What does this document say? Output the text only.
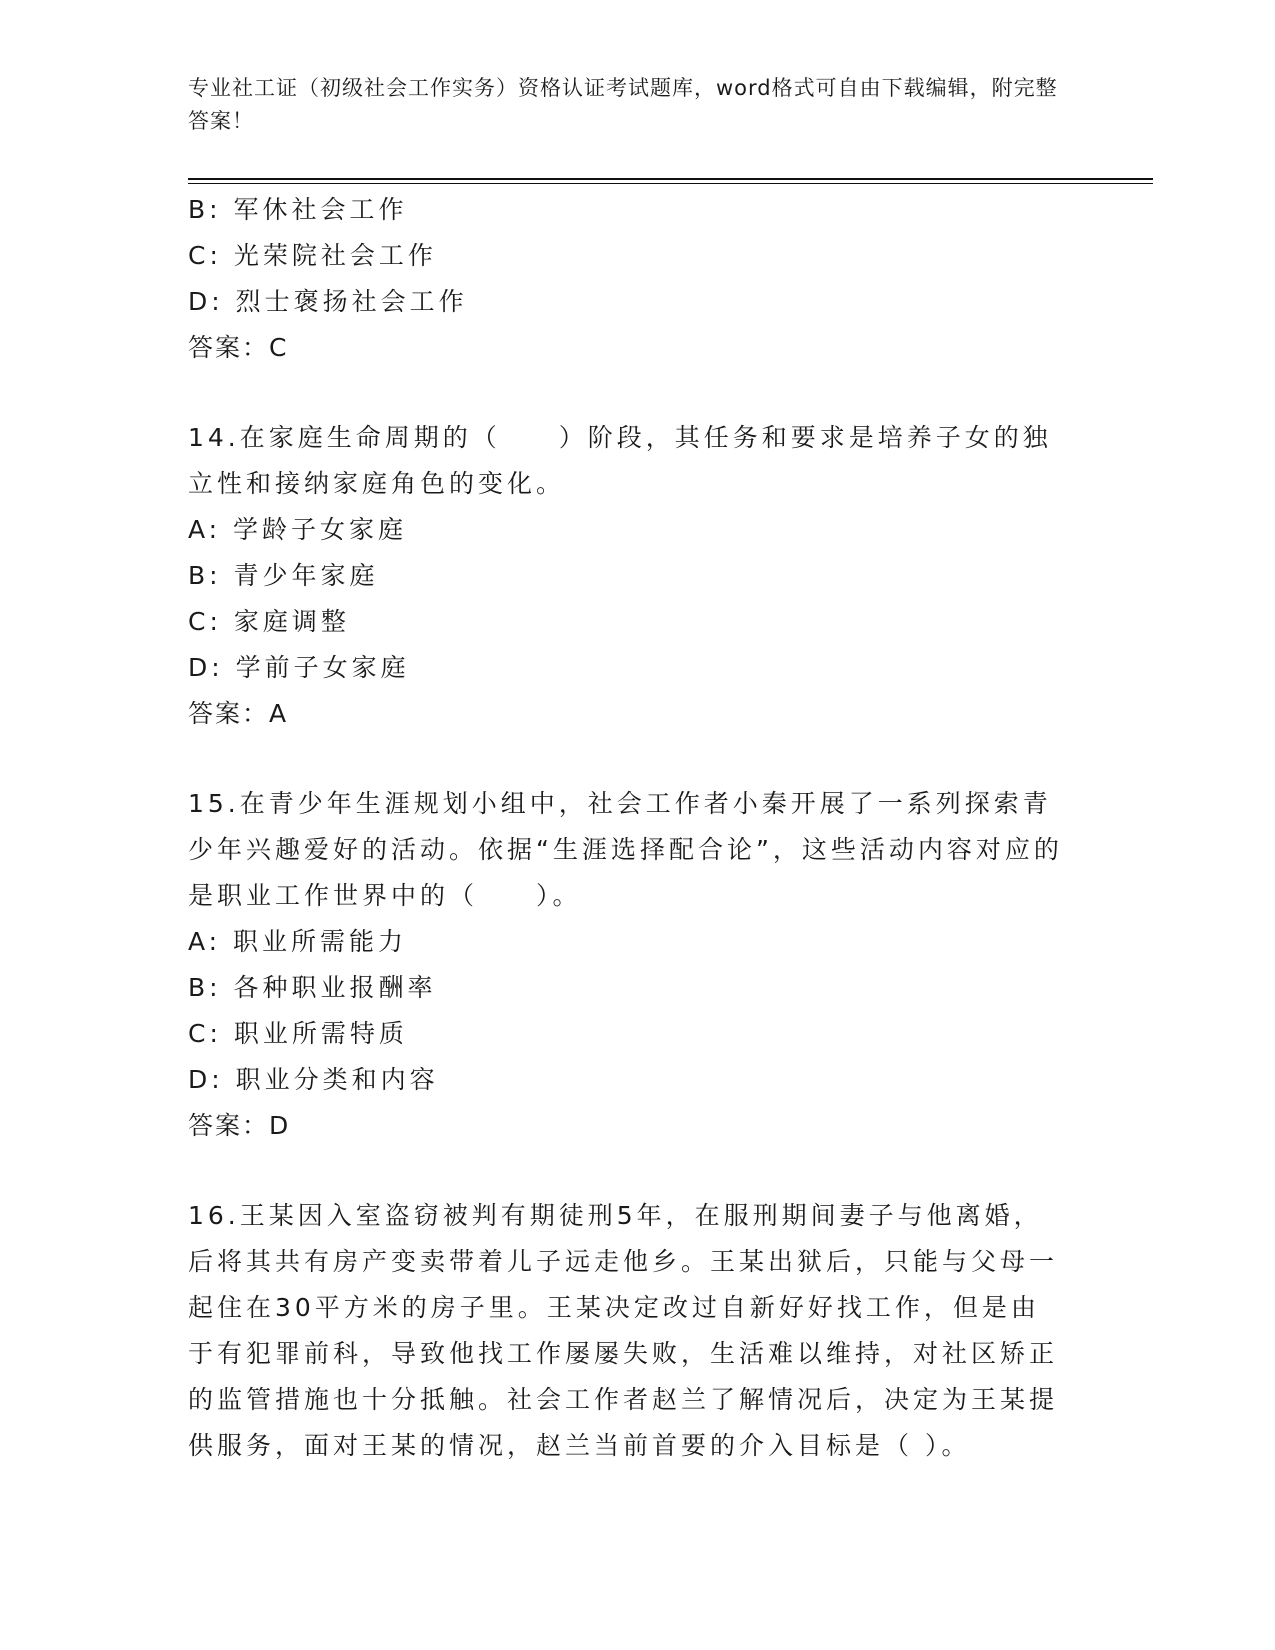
专业社工证（初级社会工作实务）资格认证考试题库，word格式可自由下载编辑，附完整答案！
B: 军休社会工作
C: 光荣院社会工作
D: 烈士褒扬社会工作
答案：C

14.在家庭生命周期的（　　）阶段，其任务和要求是培养子女的独立性和接纳家庭角色的变化。

A: 学龄子女家庭
B: 青少年家庭
C: 家庭调整
D: 学前子女家庭
答案：A

15.在青少年生涯规划小组中，社会工作者小秦开展了一系列探索青少年兴趣爱好的活动。依据“生涯选择配合论”，这些活动内容对应的是职业工作世界中的（　　）。

A: 职业所需能力
B: 各种职业报酬率
C: 职业所需特质
D: 职业分类和内容
答案：D

16.王某因入室盗窃被判有期徒刑5年，在服刑期间妻子与他离婚，后将其共有房产变卖带着儿子远走他乡。王某出狱后，只能与父母一起住在30平方米的房子里。王某决定改过自新好好找工作，但是由于有犯罪前科，导致他找工作屡屡失败，生活难以维持，对社区矫正的监管措施也十分抵触。社会工作者赵兰了解情况后，决定为王某提供服务，面对王某的情况，赵兰当前首要的介入目标是（ ）。
